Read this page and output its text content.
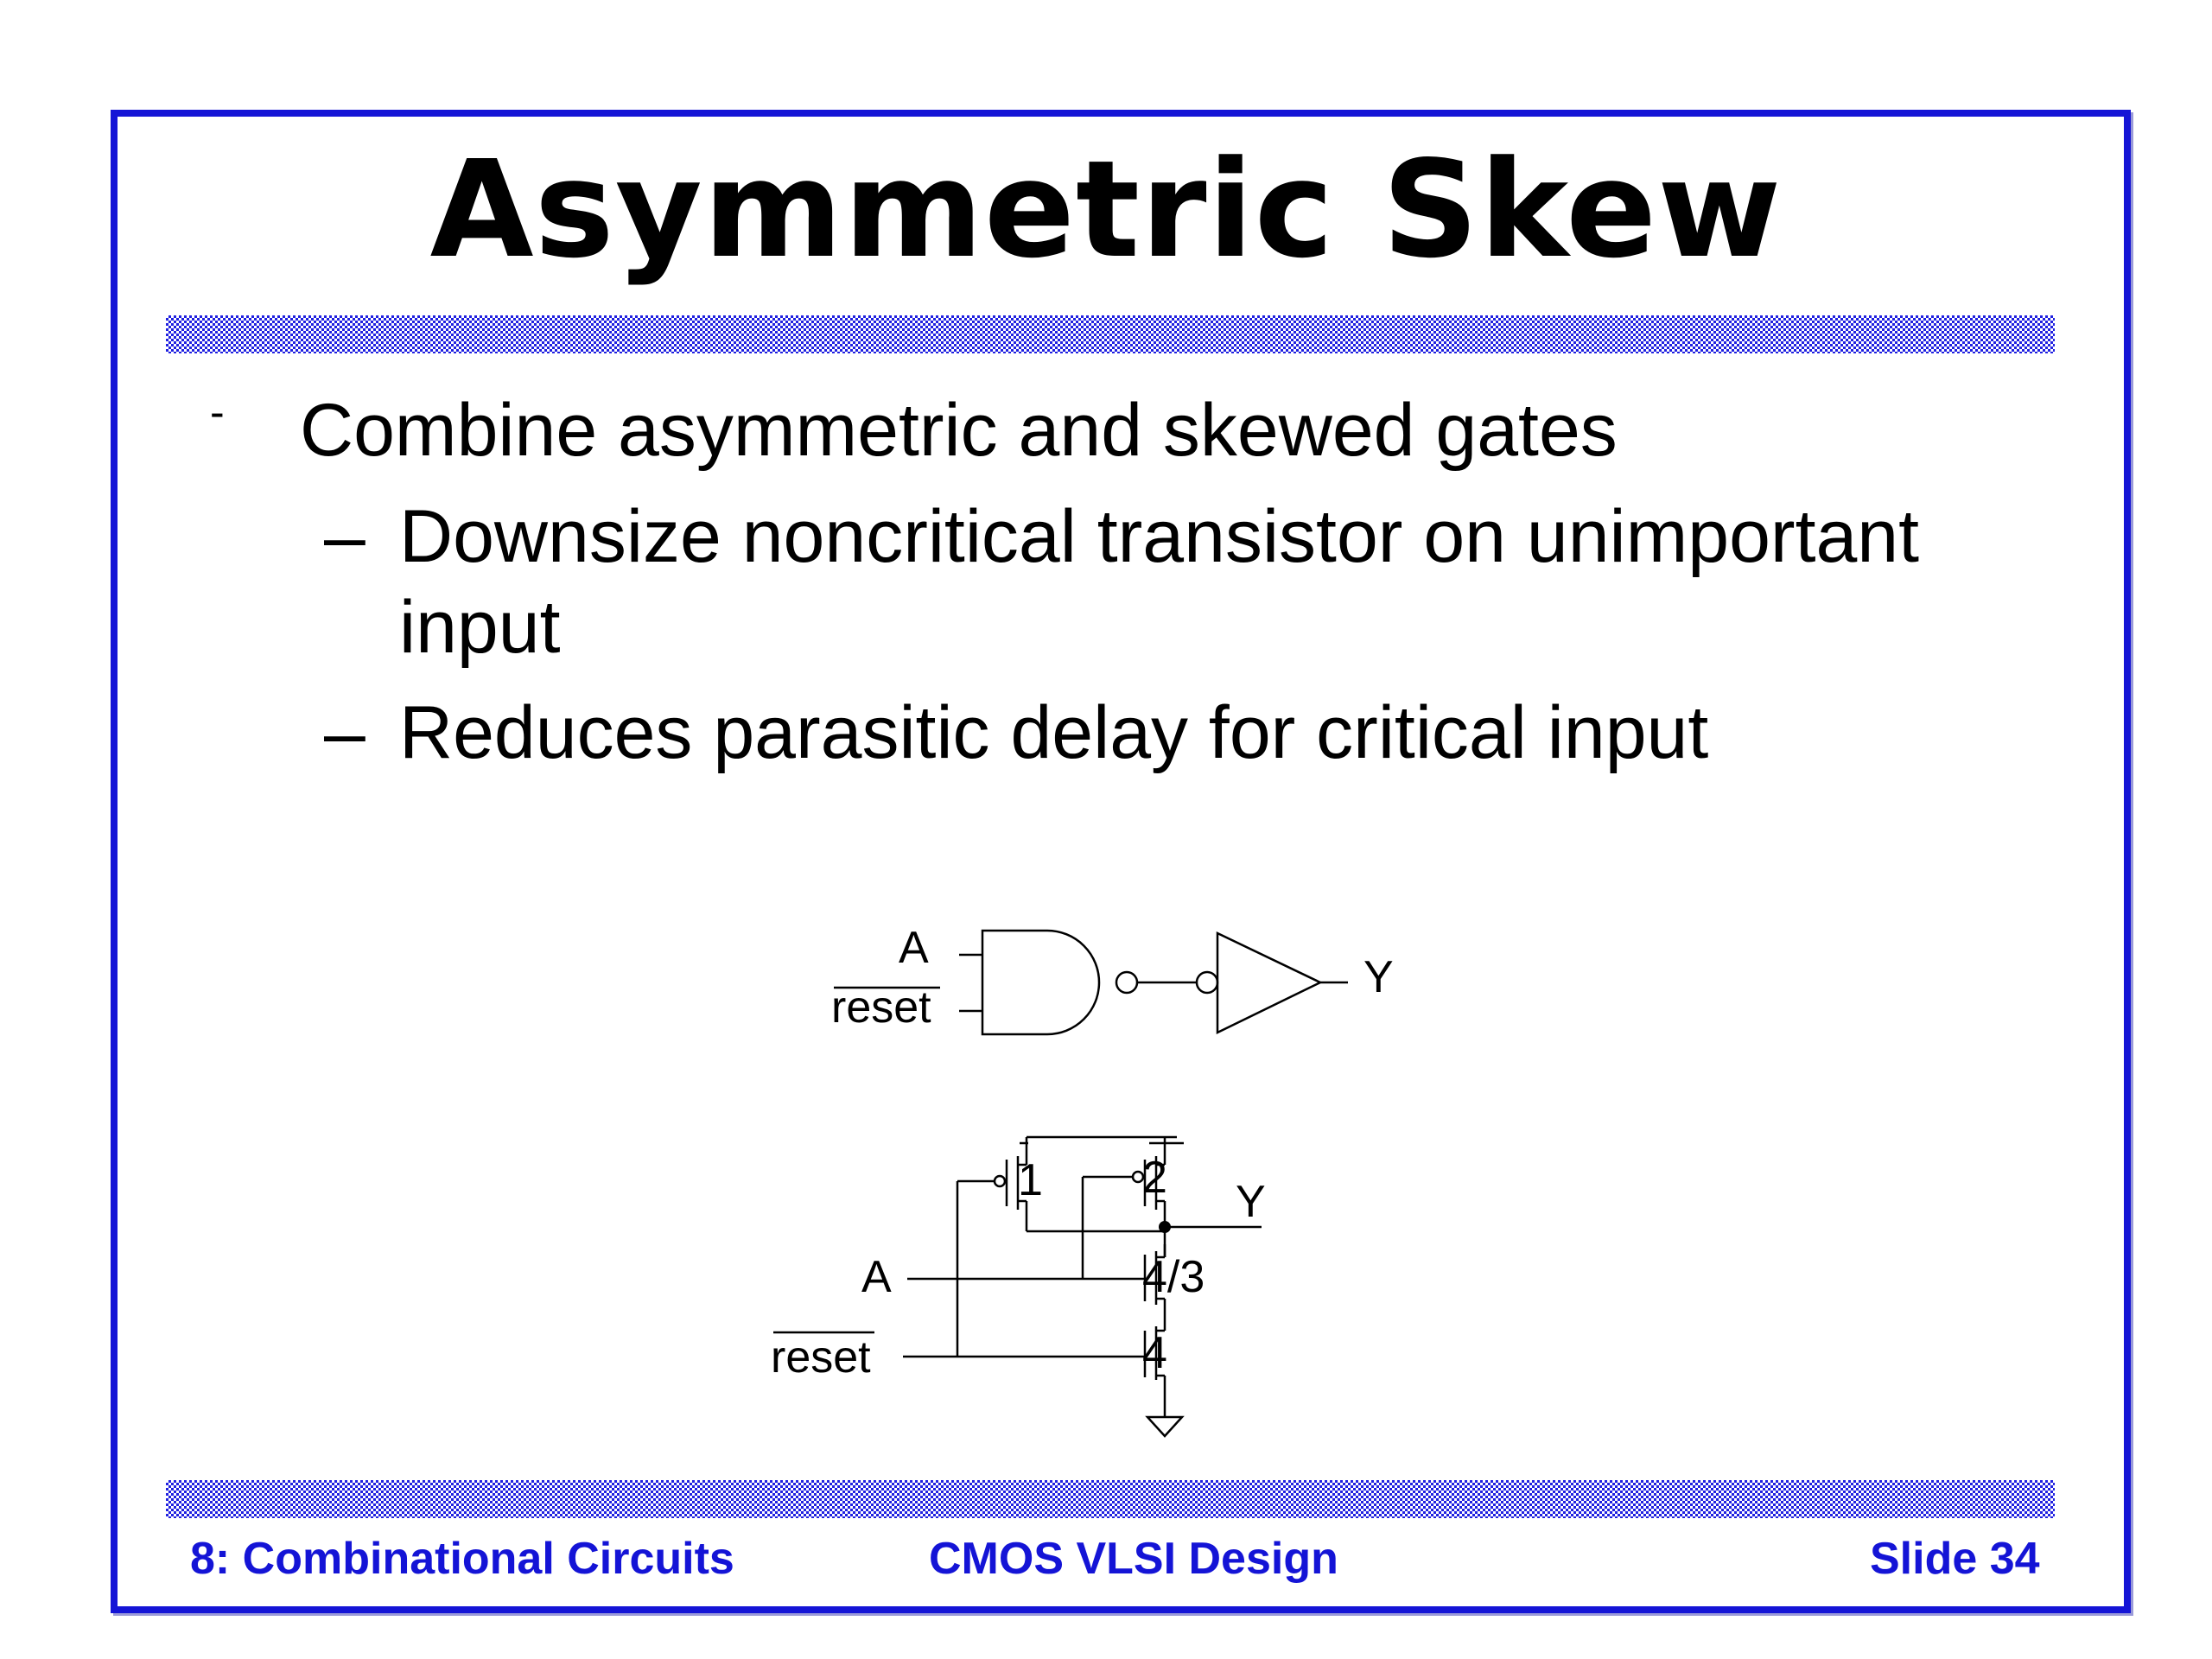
Asymmetric Skew
- Combine asymmetric and skewed gates
– Downsize noncritical transistor on unimportant
input
– Reduces parasitic delay for critical input
A
reset
Y
1 2 Y
4/3
4
A
reset
8: Combinational Circuits	CMOS VLSI Design	Slide 34
